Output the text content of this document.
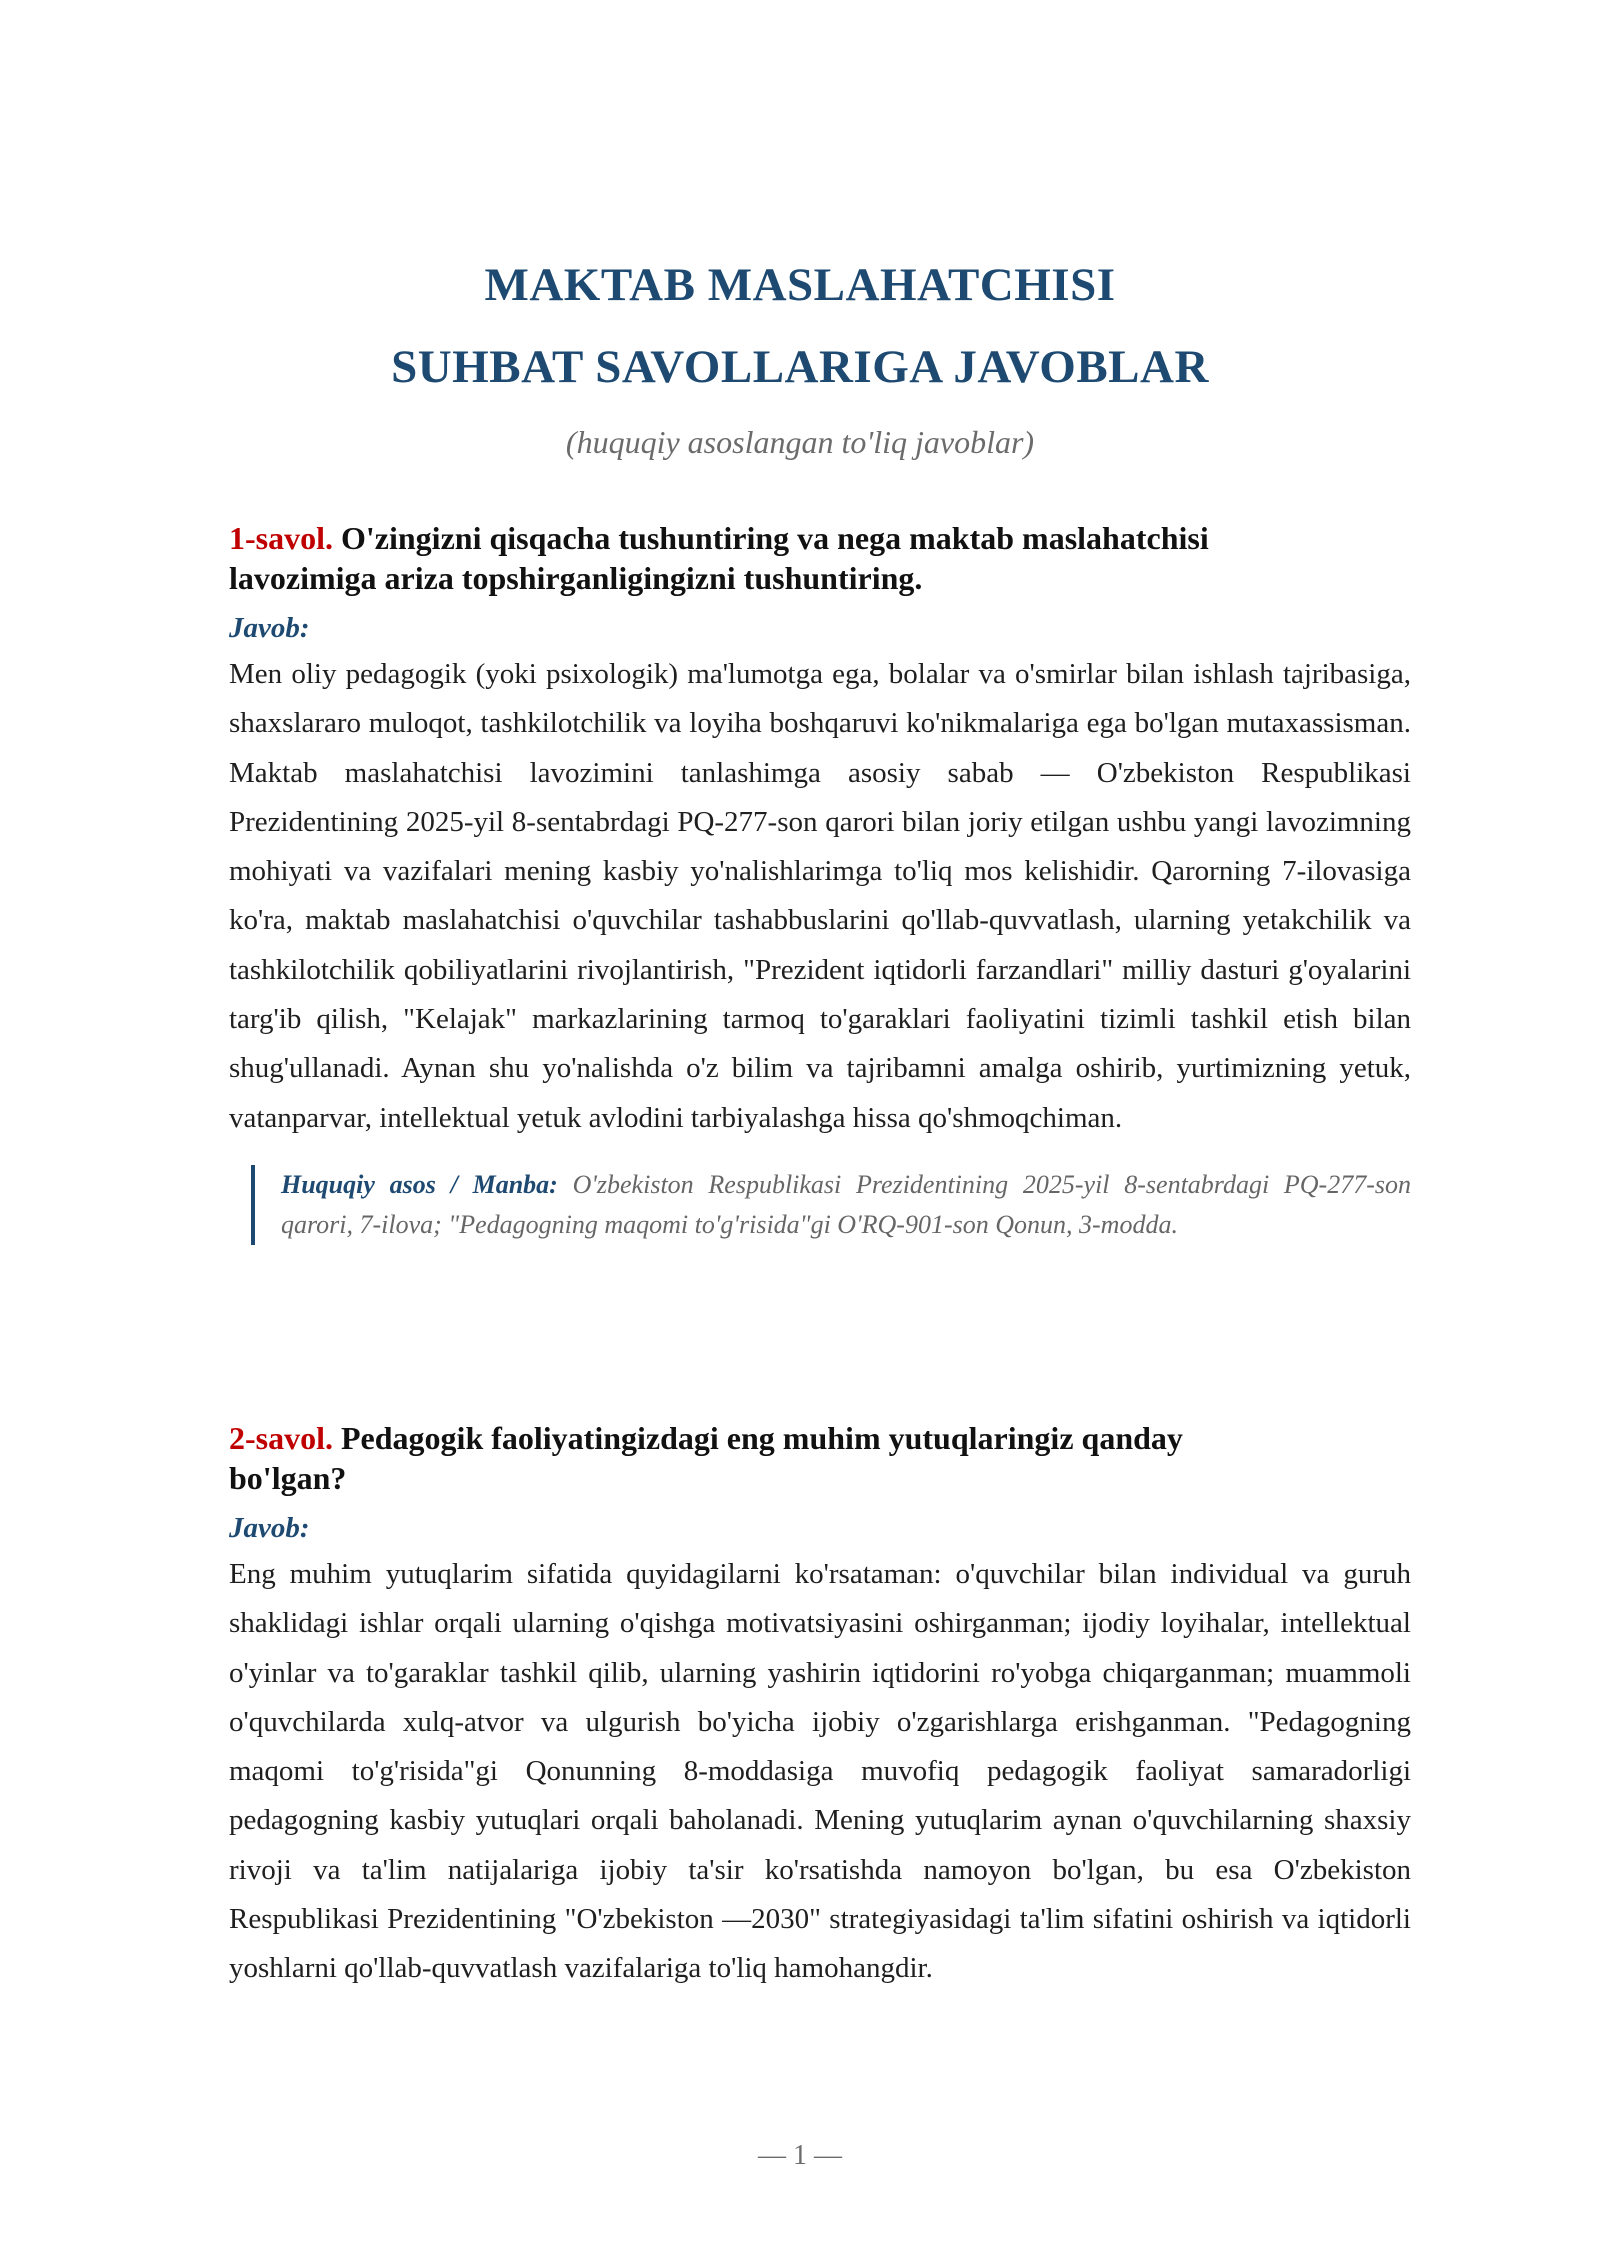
MAKTAB MASLAHATCHISI
SUHBAT SAVOLLARIGA JAVOBLAR
(huquqiy asoslangan to'liq javoblar)

1-savol. O'zingizni qisqacha tushuntiring va nega maktab maslahatchisi lavozimiga ariza topshirganligingizni tushuntiring.

Javob:
Men oliy pedagogik (yoki psixologik) ma'lumotga ega, bolalar va o'smirlar bilan ishlash tajribasiga, shaxslararo muloqot, tashkilotchilik va loyiha boshqaruvi ko'nikmalariga ega bo'lgan mutaxassisman. Maktab maslahatchisi lavozimini tanlashimga asosiy sabab — O'zbekiston Respublikasi Prezidentining 2025-yil 8-sentabrdagi PQ-277-son qarori bilan joriy etilgan ushbu yangi lavozimning mohiyati va vazifalari mening kasbiy yo'nalishlarimga to'liq mos kelishidir. Qarorning 7-ilovasiga ko'ra, maktab maslahatchisi o'quvchilar tashabbuslarini qo'llab-quvvatlash, ularning yetakchilik va tashkilotchilik qobiliyatlarini rivojlantirish, "Prezident iqtidorli farzandlari" milliy dasturi g'oyalarini targ'ib qilish, "Kelajak" markazlarining tarmoq to'garaklari faoliyatini tizimli tashkil etish bilan shug'ullanadi. Aynan shu yo'nalishda o'z bilim va tajribamni amalga oshirib, yurtimizning yetuk, vatanparvar, intellektual yetuk avlodini tarbiyalashga hissa qo'shmoqchiman.
Huquqiy asos / Manba: O'zbekiston Respublikasi Prezidentining 2025-yil 8-sentabrdagi PQ-277-son qarori, 7-ilova; "Pedagogning maqomi to'g'risida"gi O'RQ-901-son Qonun, 3-modda.

2-savol. Pedagogik faoliyatingizdagi eng muhim yutuqlaringiz qanday bo'lgan?

Javob:
Eng muhim yutuqlarim sifatida quyidagilarni ko'rsataman: o'quvchilar bilan individual va guruh shaklidagi ishlar orqali ularning o'qishga motivatsiyasini oshirganman; ijodiy loyihalar, intellektual o'yinlar va to'garaklar tashkil qilib, ularning yashirin iqtidorini ro'yobga chiqarganman; muammoli o'quvchilarda xulq-atvor va ulgurish bo'yicha ijobiy o'zgarishlarga erishganman. "Pedagogning maqomi to'g'risida"gi Qonunning 8-moddasiga muvofiq pedagogik faoliyat samaradorligi pedagogning kasbiy yutuqlari orqali baholanadi. Mening yutuqlarim aynan o'quvchilarning shaxsiy rivoji va ta'lim natijalariga ijobiy ta'sir ko'rsatishda namoyon bo'lgan, bu esa O'zbekiston Respublikasi Prezidentining "O'zbekiston —2030" strategiyasidagi ta'lim sifatini oshirish va iqtidorli yoshlarni qo'llab-quvvatlash vazifalariga to'liq hamohangdir.
— 1 —
